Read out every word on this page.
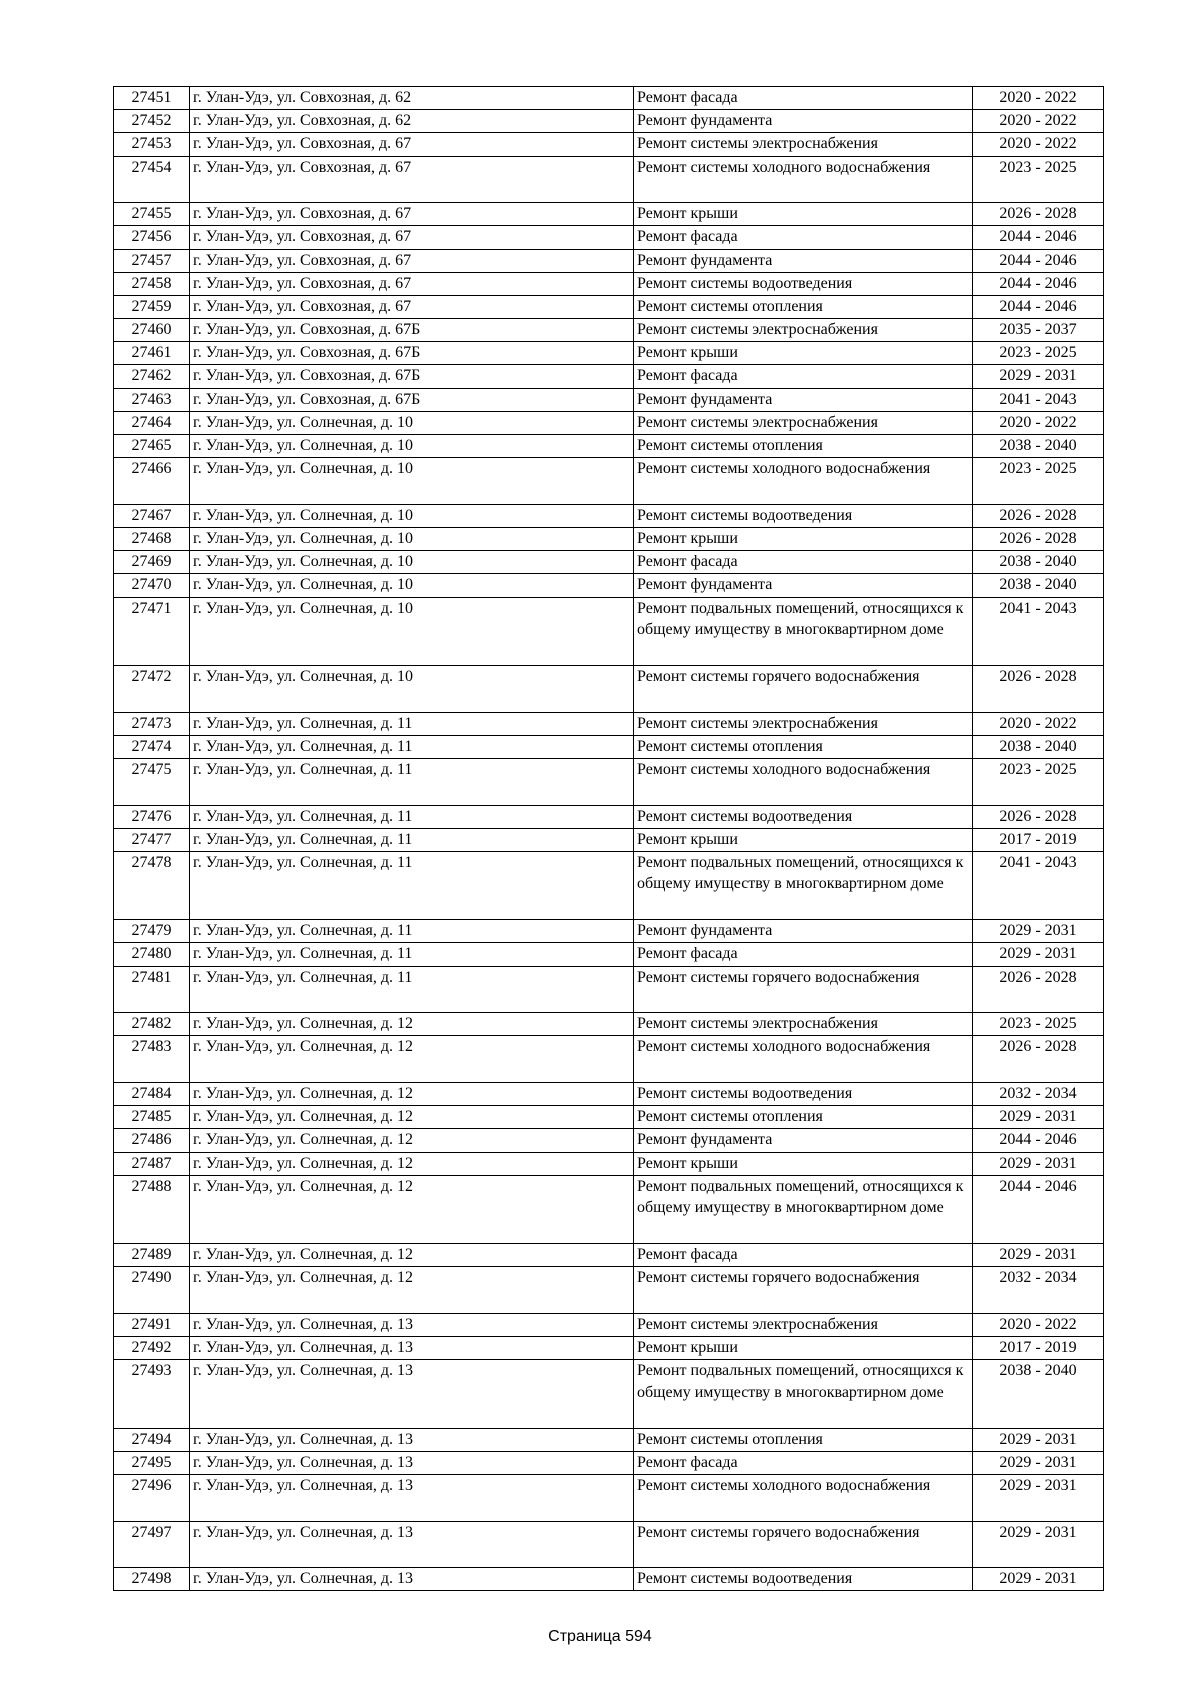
27451	г. Улан-Удэ, ул. Совхозная, д. 62	Ремонт фасада	2020 - 2022
27452	г. Улан-Удэ, ул. Совхозная, д. 62	Ремонт фундамента	2020 - 2022
27453	г. Улан-Удэ, ул. Совхозная, д. 67	Ремонт системы электроснабжения	2020 - 2022
27454	г. Улан-Удэ, ул. Совхозная, д. 67	Ремонт системы холодного водоснабжения	2023 - 2025
27455	г. Улан-Удэ, ул. Совхозная, д. 67	Ремонт крыши	2026 - 2028
27456	г. Улан-Удэ, ул. Совхозная, д. 67	Ремонт фасада	2044 - 2046
27457	г. Улан-Удэ, ул. Совхозная, д. 67	Ремонт фундамента	2044 - 2046
27458	г. Улан-Удэ, ул. Совхозная, д. 67	Ремонт системы водоотведения	2044 - 2046
27459	г. Улан-Удэ, ул. Совхозная, д. 67	Ремонт системы отопления	2044 - 2046
27460	г. Улан-Удэ, ул. Совхозная, д. 67Б	Ремонт системы электроснабжения	2035 - 2037
27461	г. Улан-Удэ, ул. Совхозная, д. 67Б	Ремонт крыши	2023 - 2025
27462	г. Улан-Удэ, ул. Совхозная, д. 67Б	Ремонт фасада	2029 - 2031
27463	г. Улан-Удэ, ул. Совхозная, д. 67Б	Ремонт фундамента	2041 - 2043
27464	г. Улан-Удэ, ул. Солнечная, д. 10	Ремонт системы электроснабжения	2020 - 2022
27465	г. Улан-Удэ, ул. Солнечная, д. 10	Ремонт системы отопления	2038 - 2040
27466	г. Улан-Удэ, ул. Солнечная, д. 10	Ремонт системы холодного водоснабжения	2023 - 2025
27467	г. Улан-Удэ, ул. Солнечная, д. 10	Ремонт системы водоотведения	2026 - 2028
27468	г. Улан-Удэ, ул. Солнечная, д. 10	Ремонт крыши	2026 - 2028
27469	г. Улан-Удэ, ул. Солнечная, д. 10	Ремонт фасада	2038 - 2040
27470	г. Улан-Удэ, ул. Солнечная, д. 10	Ремонт фундамента	2038 - 2040
27471	г. Улан-Удэ, ул. Солнечная, д. 10	Ремонт подвальных помещений, относящихся к общему имуществу в многоквартирном доме	2041 - 2043
27472	г. Улан-Удэ, ул. Солнечная, д. 10	Ремонт системы горячего водоснабжения	2026 - 2028
27473	г. Улан-Удэ, ул. Солнечная, д. 11	Ремонт системы электроснабжения	2020 - 2022
27474	г. Улан-Удэ, ул. Солнечная, д. 11	Ремонт системы отопления	2038 - 2040
27475	г. Улан-Удэ, ул. Солнечная, д. 11	Ремонт системы холодного водоснабжения	2023 - 2025
27476	г. Улан-Удэ, ул. Солнечная, д. 11	Ремонт системы водоотведения	2026 - 2028
27477	г. Улан-Удэ, ул. Солнечная, д. 11	Ремонт крыши	2017 - 2019
27478	г. Улан-Удэ, ул. Солнечная, д. 11	Ремонт подвальных помещений, относящихся к общему имуществу в многоквартирном доме	2041 - 2043
27479	г. Улан-Удэ, ул. Солнечная, д. 11	Ремонт фундамента	2029 - 2031
27480	г. Улан-Удэ, ул. Солнечная, д. 11	Ремонт фасада	2029 - 2031
27481	г. Улан-Удэ, ул. Солнечная, д. 11	Ремонт системы горячего водоснабжения	2026 - 2028
27482	г. Улан-Удэ, ул. Солнечная, д. 12	Ремонт системы электроснабжения	2023 - 2025
27483	г. Улан-Удэ, ул. Солнечная, д. 12	Ремонт системы холодного водоснабжения	2026 - 2028
27484	г. Улан-Удэ, ул. Солнечная, д. 12	Ремонт системы водоотведения	2032 - 2034
27485	г. Улан-Удэ, ул. Солнечная, д. 12	Ремонт системы отопления	2029 - 2031
27486	г. Улан-Удэ, ул. Солнечная, д. 12	Ремонт фундамента	2044 - 2046
27487	г. Улан-Удэ, ул. Солнечная, д. 12	Ремонт крыши	2029 - 2031
27488	г. Улан-Удэ, ул. Солнечная, д. 12	Ремонт подвальных помещений, относящихся к общему имуществу в многоквартирном доме	2044 - 2046
27489	г. Улан-Удэ, ул. Солнечная, д. 12	Ремонт фасада	2029 - 2031
27490	г. Улан-Удэ, ул. Солнечная, д. 12	Ремонт системы горячего водоснабжения	2032 - 2034
27491	г. Улан-Удэ, ул. Солнечная, д. 13	Ремонт системы электроснабжения	2020 - 2022
27492	г. Улан-Удэ, ул. Солнечная, д. 13	Ремонт крыши	2017 - 2019
27493	г. Улан-Удэ, ул. Солнечная, д. 13	Ремонт подвальных помещений, относящихся к общему имуществу в многоквартирном доме	2038 - 2040
27494	г. Улан-Удэ, ул. Солнечная, д. 13	Ремонт системы отопления	2029 - 2031
27495	г. Улан-Удэ, ул. Солнечная, д. 13	Ремонт фасада	2029 - 2031
27496	г. Улан-Удэ, ул. Солнечная, д. 13	Ремонт системы холодного водоснабжения	2029 - 2031
27497	г. Улан-Удэ, ул. Солнечная, д. 13	Ремонт системы горячего водоснабжения	2029 - 2031
27498	г. Улан-Удэ, ул. Солнечная, д. 13	Ремонт системы водоотведения	2029 - 2031
Страница 594
